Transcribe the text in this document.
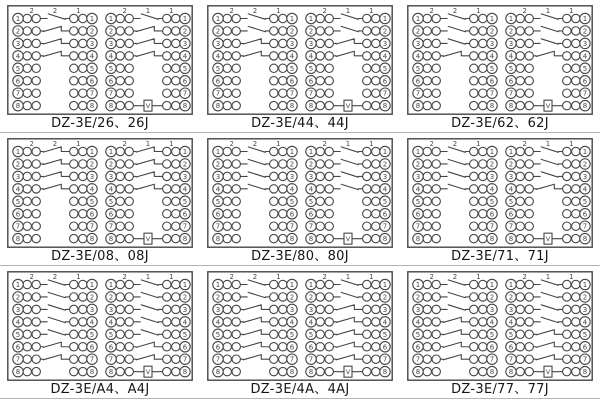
2	2	1
1	1
2	2
3	3
4	4
5	5
6	6
7	7
8	8
2	1	1
1	1
2	2
3	3
4	4
5	5
6	6
7	7
V
8	8
DZ-3E/26、26J
2	2	1
1	1
2	2
3	3
4	4
5	5
6	6
7	7
8	8
2	1	1
1	1
2	2
3	3
4	4
5	5
6	6
7	7
V
8	8
DZ-3E/44、44J
2	2	1
1	1
2	2
3	3
4	4
5	5
6	6
7	7
8	8
2	1	1
1	1
2	2
3	3
4	4
5	5
6	6
7	7
V
8	8
DZ-3E/62、62J
2	2	1
1	1
2	2
3	3
4	4
5	5
6	6
7	7
8	8
2	1	1
1	1
2	2
3	3
4	4
5	5
6	6
7	7
V
8	8
DZ-3E/08、08J
2	2	1
1	1
2	2
3	3
4	4
5	5
6	6
7	7
8	8
2	1	1
1	1
2	2
3	3
4	4
5	5
6	6
7	7
V
8	8
DZ-3E/80、80J
2	2	1
1	1
2	2
3	3
4	4
5	5
6	6
7	7
8	8
2	1	1
1	1
2	2
3	3
4	4
5	5
6	6
7	7
V
8	8
DZ-3E/71、71J
2	2	1
1	1
2	2
3	3
4	4
5	5
6	6
7	7
8	8
2	1	1
1	1
2	2
3	3
4	4
5	5
6	6
7	7
V
8	8
DZ-3E/A4、A4J
2	2	1
1	1
2	2
3	3
4	4
5	5
6	6
7	7
8	8
2	1	1
1	1
2	2
3	3
4	4
5	5
6	6
7	7
V
8	8
DZ-3E/4A、4AJ
2	2	1
1	1
2	2
3	3
4	4
5	5
6	6
7	7
8	8
2	1	1
1	1
2	2
3	3
4	4
5	5
6	6
7	7
V
8	8
DZ-3E/77、77J
